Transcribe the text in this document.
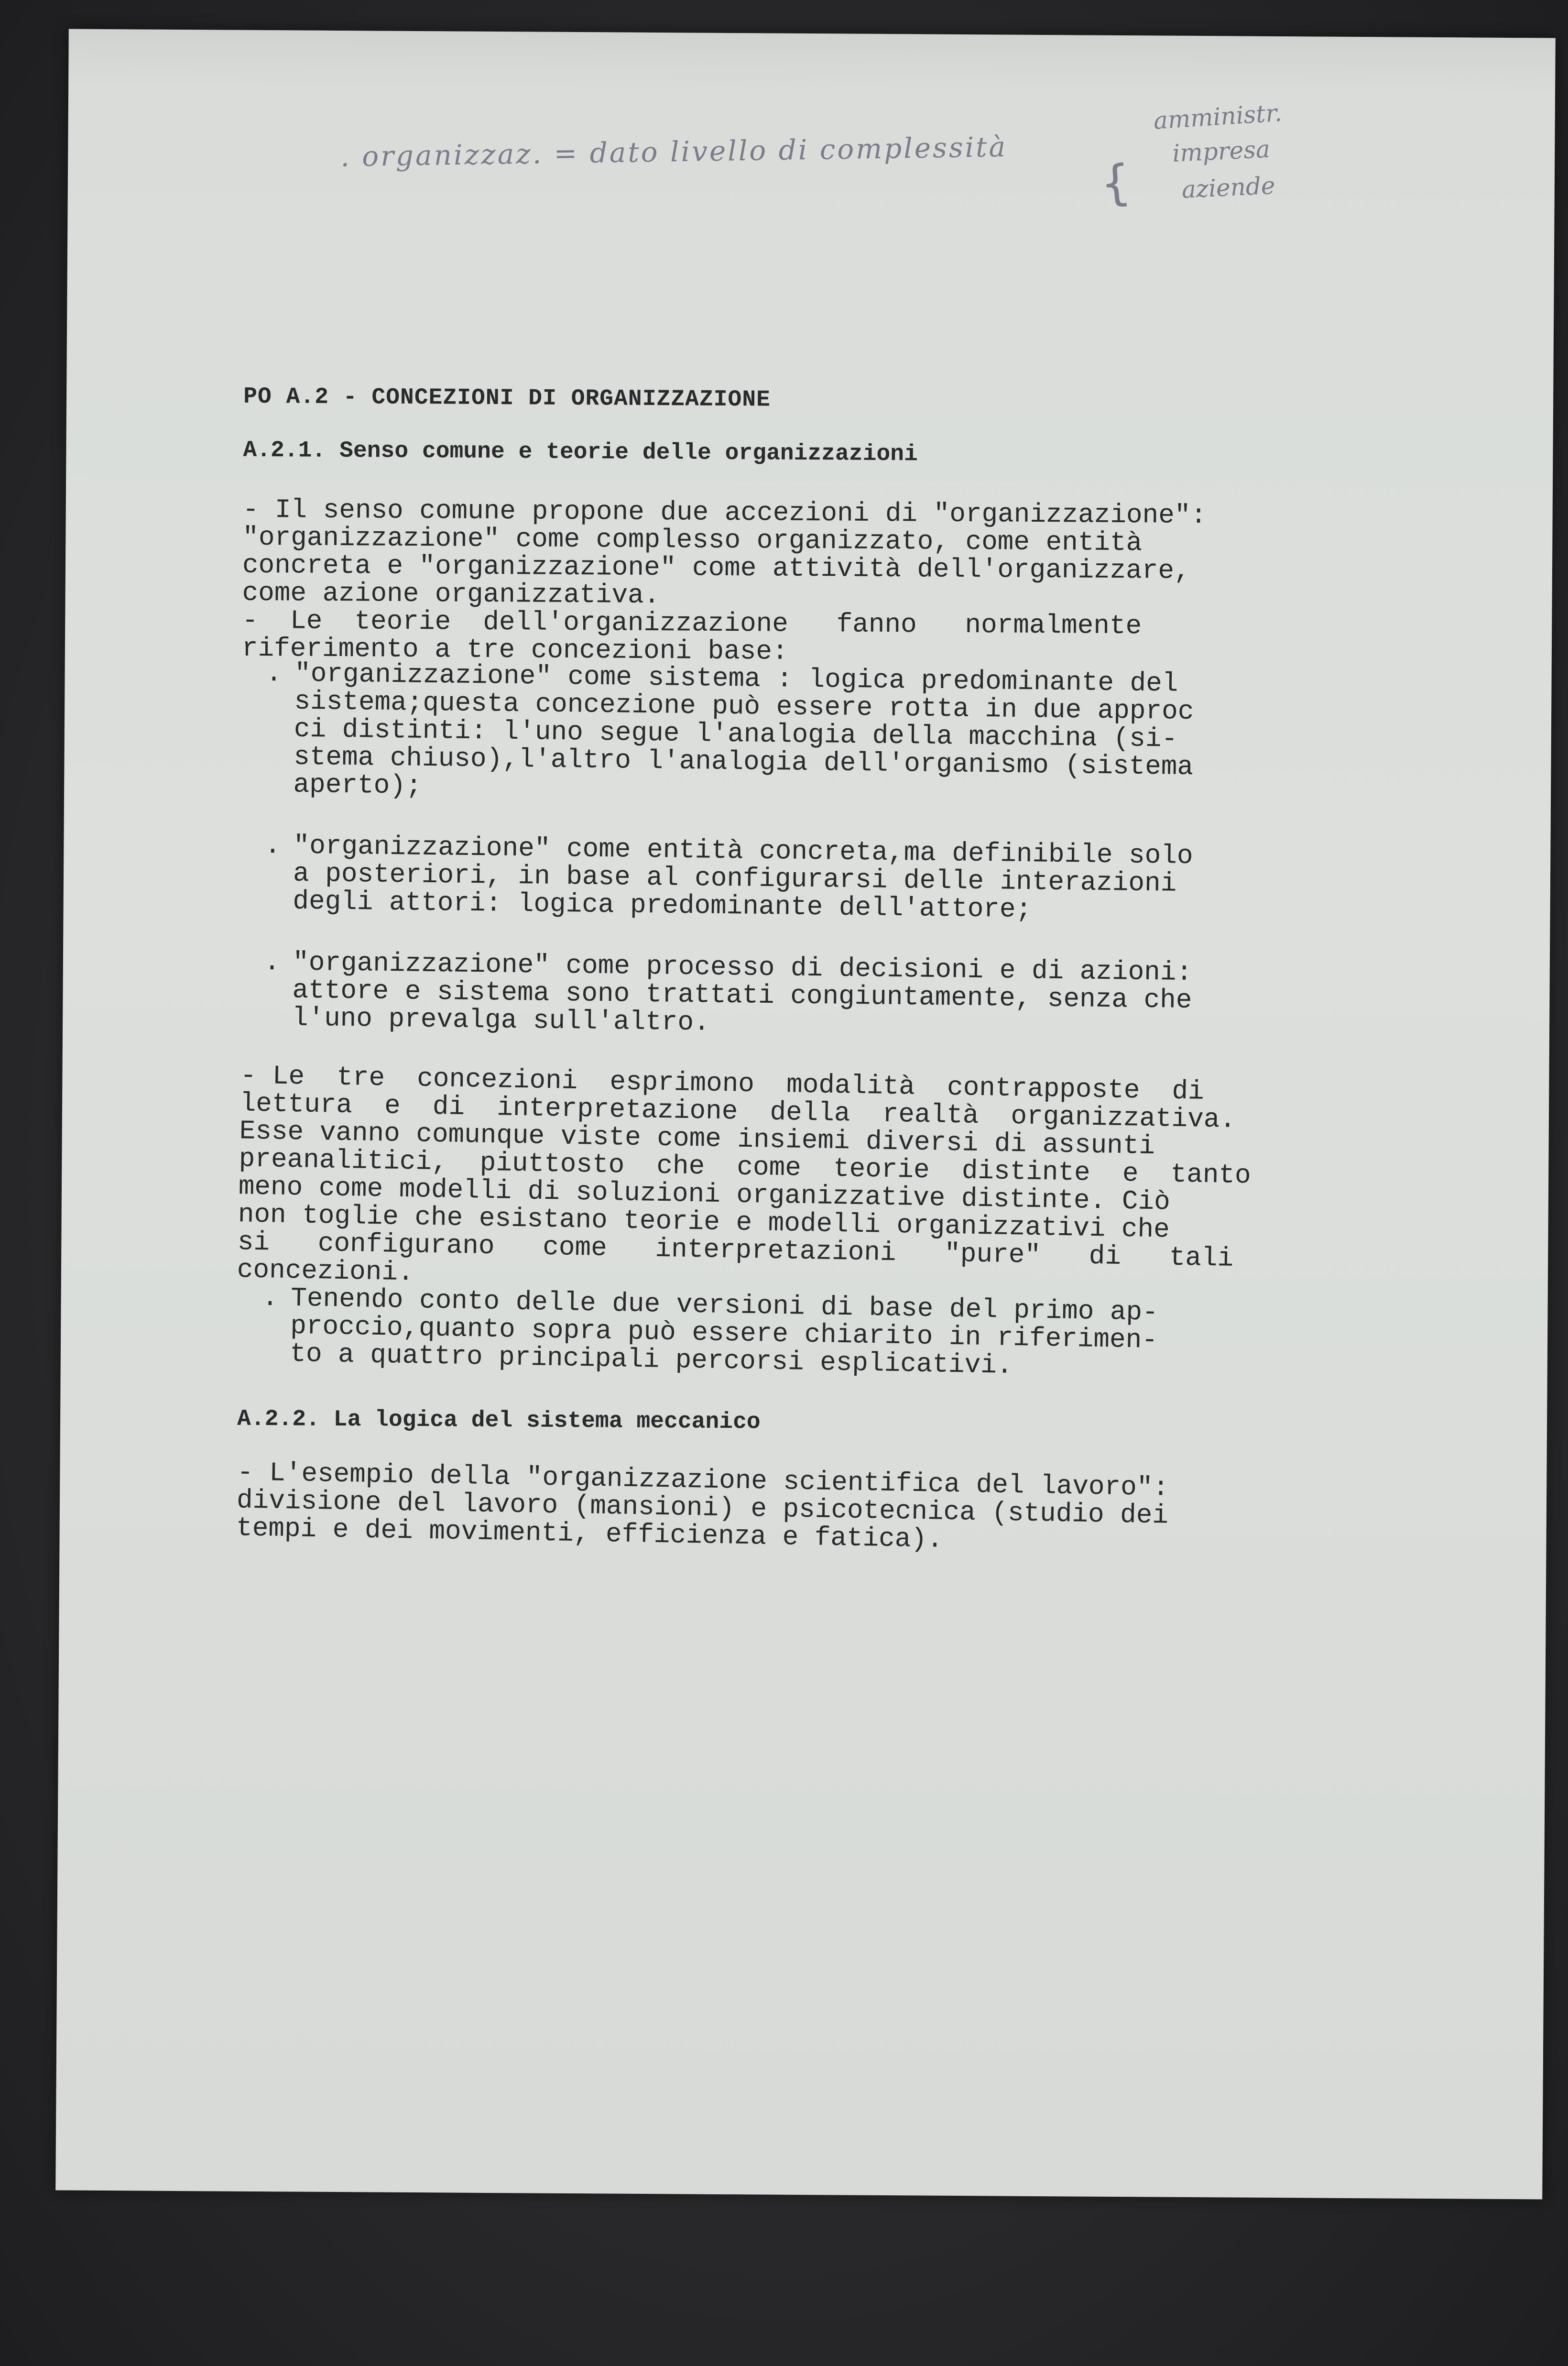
. organizzaz. = dato livello di complessità
{
amministr.
impresa
aziende
PO A.2 - CONCEZIONI DI ORGANIZZAZIONE
A.2.1. Senso comune e teorie delle organizzazioni

- Il senso comune propone due accezioni di "organizzazione":
"organizzazione" come complesso organizzato, come entità
concreta e "organizzazione" come attività dell'organizzare,
come azione organizzativa.

-  Le  teorie  dell'organizzazione   fanno   normalmente
riferimento a tre concezioni base:

. "organizzazione" come sistema : logica predominante del
sistema;questa concezione può essere rotta in due approc
ci distinti: l'uno segue l'analogia della macchina (si-
stema chiuso),l'altro l'analogia dell'organismo (sistema
aperto);
. "organizzazione" come entità concreta,ma definibile solo
a posteriori, in base al configurarsi delle interazioni
degli attori: logica predominante dell'attore;
. "organizzazione" come processo di decisioni e di azioni:
attore e sistema sono trattati congiuntamente, senza che
l'uno prevalga sull'altro.

- Le  tre  concezioni  esprimono  modalità  contrapposte  di
lettura  e  di  interpretazione  della  realtà  organizzativa.
Esse vanno comunque viste come insiemi diversi di assunti
preanalitici,  piuttosto  che  come  teorie  distinte  e  tanto
meno come modelli di soluzioni organizzative distinte. Ciò
non toglie che esistano teorie e modelli organizzativi che
si   configurano   come   interpretazioni   "pure"   di   tali
concezioni.

. Tenendo conto delle due versioni di base del primo ap-
proccio,quanto sopra può essere chiarito in riferimen-
to a quattro principali percorsi esplicativi.
A.2.2. La logica del sistema meccanico

- L'esempio della "organizzazione scientifica del lavoro":
divisione del lavoro (mansioni) e psicotecnica (studio dei
tempi e dei movimenti, efficienza e fatica).
